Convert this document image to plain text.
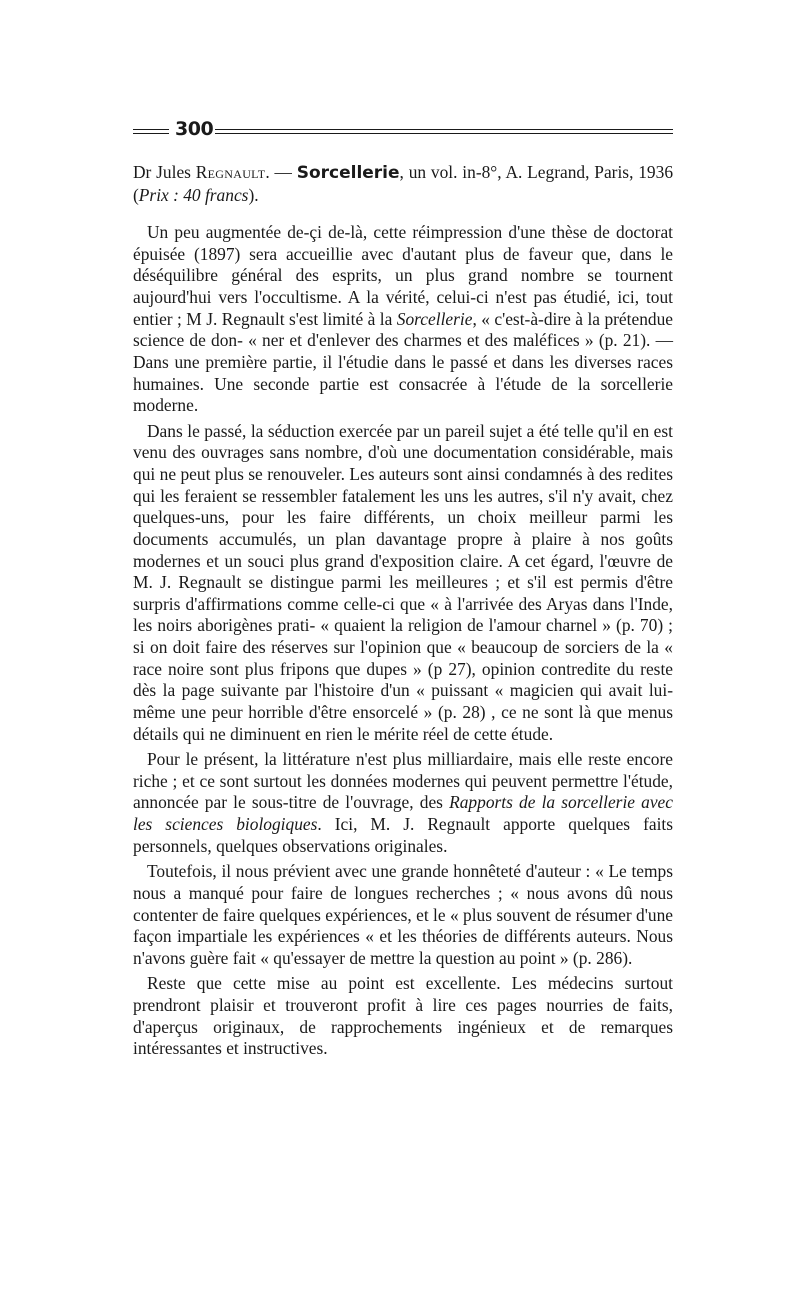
300

Dr Jules Regnault. — Sorcellerie, un vol. in-8°, A. Legrand, Paris, 1936 (Prix : 40 francs).

Un peu augmentée de-çi de-là, cette réimpression d'une thèse de doctorat épuisée (1897) sera accueillie avec d'autant plus de faveur que, dans le déséquilibre général des esprits, un plus grand nombre se tournent aujourd'hui vers l'occultisme. A la vérité, celui-ci n'est pas étudié, ici, tout entier ; M J. Regnault s'est limité à la Sorcellerie, « c'est-à-dire à la prétendue science de don- « ner et d'enlever des charmes et des maléfices » (p. 21). — Dans une première partie, il l'étudie dans le passé et dans les diverses races humaines. Une seconde partie est consacrée à l'étude de la sorcellerie moderne.

Dans le passé, la séduction exercée par un pareil sujet a été telle qu'il en est venu des ouvrages sans nombre, d'où une documentation considérable, mais qui ne peut plus se renouveler. Les auteurs sont ainsi condamnés à des redites qui les feraient se ressembler fatalement les uns les autres, s'il n'y avait, chez quelques-uns, pour les faire différents, un choix meilleur parmi les documents accumulés, un plan davantage propre à plaire à nos goûts modernes et un souci plus grand d'exposition claire. A cet égard, l'œuvre de M. J. Regnault se distingue parmi les meilleures ; et s'il est permis d'être surpris d'affirmations comme celle-ci que « à l'arrivée des Aryas dans l'Inde, les noirs aborigènes prati- « quaient la religion de l'amour charnel » (p. 70) ; si on doit faire des réserves sur l'opinion que « beaucoup de sorciers de la « race noire sont plus fripons que dupes » (p 27), opinion contredite du reste dès la page suivante par l'histoire d'un « puissant « magicien qui avait lui-même une peur horrible d'être ensorcelé » (p. 28) , ce ne sont là que menus détails qui ne diminuent en rien le mérite réel de cette étude.

Pour le présent, la littérature n'est plus milliardaire, mais elle reste encore riche ; et ce sont surtout les données modernes qui peuvent permettre l'étude, annoncée par le sous-titre de l'ouvrage, des Rapports de la sorcellerie avec les sciences biologiques. Ici, M. J. Regnault apporte quelques faits personnels, quelques observations originales.

Toutefois, il nous prévient avec une grande honnêteté d'auteur : « Le temps nous a manqué pour faire de longues recherches ; « nous avons dû nous contenter de faire quelques expériences, et le « plus souvent de résumer d'une façon impartiale les expériences « et les théories de différents auteurs. Nous n'avons guère fait « qu'essayer de mettre la question au point » (p. 286).

Reste que cette mise au point est excellente. Les médecins surtout prendront plaisir et trouveront profit à lire ces pages nourries de faits, d'aperçus originaux, de rapprochements ingénieux et de remarques intéressantes et instructives.
